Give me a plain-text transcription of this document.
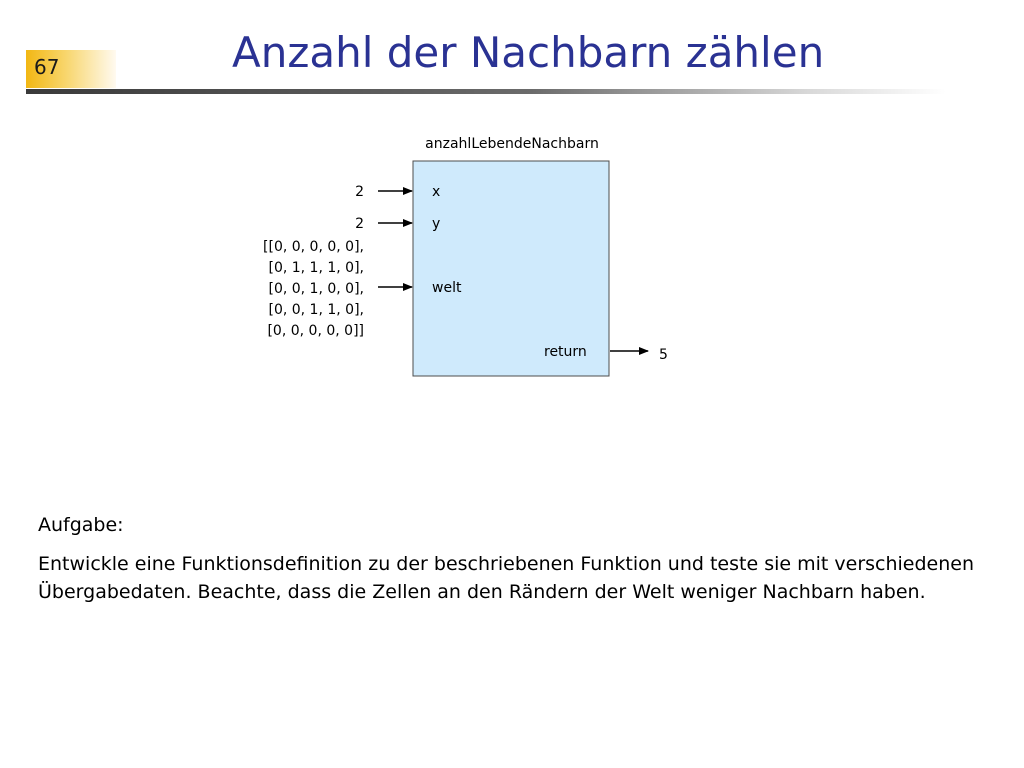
67	Anzahl der Nachbarn zählen
anzahlLebendeNachbarn
2	x
2	y
[[0, 0, 0, 0, 0],
[0, 1, 1, 1, 0],
[0, 0, 1, 0, 0],
[0, 0, 1, 1, 0],
[0, 0, 0, 0, 0]]
welt
return	5
Aufgabe:
Entwickle eine Funktionsdefinition zu der beschriebenen Funktion und teste sie mit verschiedenen Übergabedaten. Beachte, dass die Zellen an den Rändern der Welt weniger Nachbarn haben.
